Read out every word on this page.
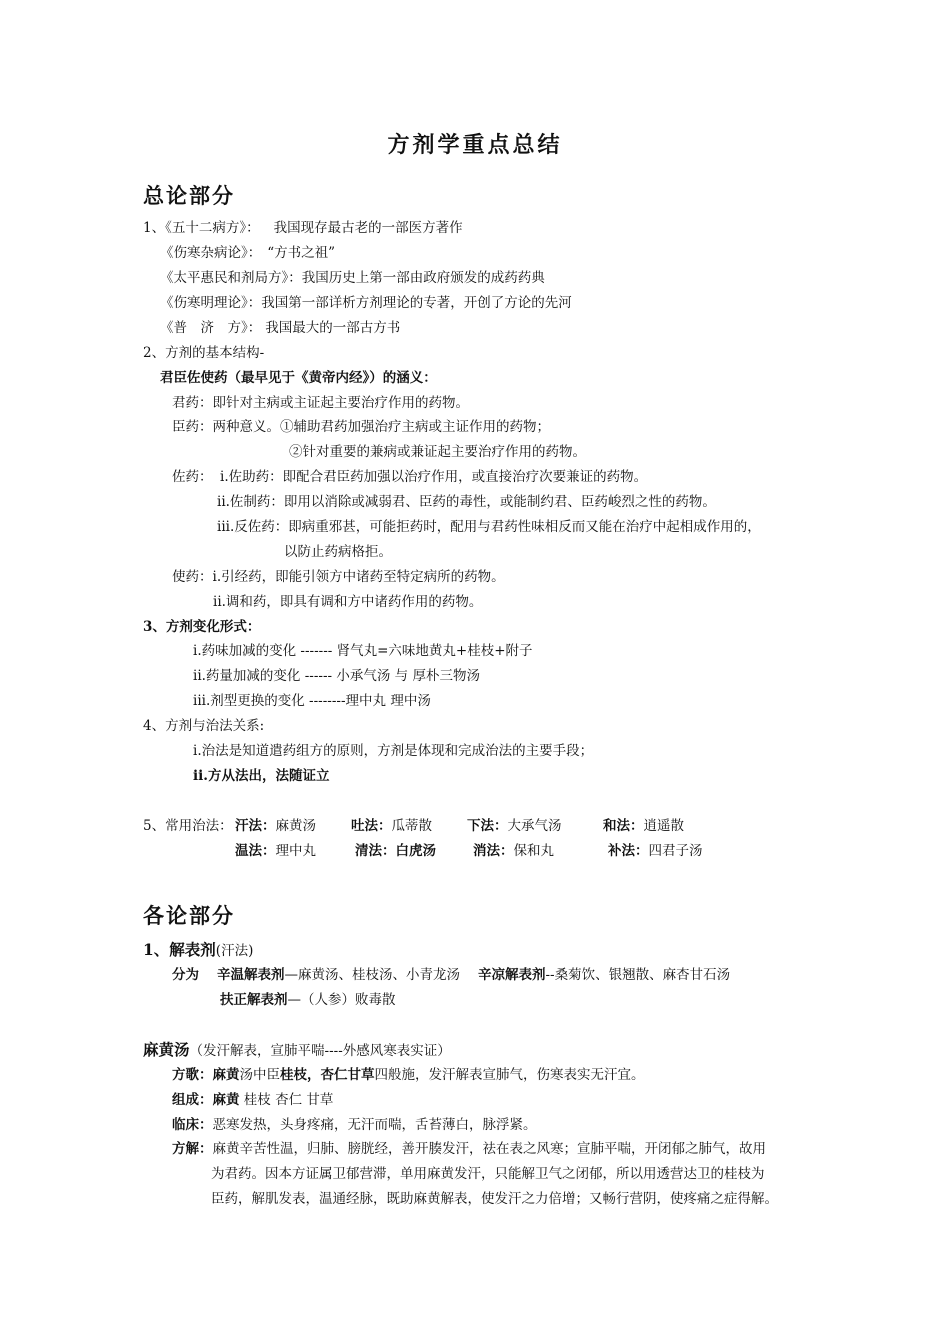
方剂学重点总结
总论部分
1、《五十二病方》： 我国现存最古老的一部医方著作
《伤寒杂病论》： “方书之祖”
《太平惠民和剂局方》：我国历史上第一部由政府颁发的成药药典
《伤寒明理论》：我国第一部详析方剂理论的专著，开创了方论的先河
《普　济　方》： 我国最大的一部古方书
2、方剂的基本结构-
君臣佐使药（最早见于《黄帝内经》）的涵义：
君药：即针对主病或主证起主要治疗作用的药物。
臣药：两种意义。①辅助君药加强治疗主病或主证作用的药物；
②针对重要的兼病或兼证起主要治疗作用的药物。
佐药： i.佐助药：即配合君臣药加强以治疗作用，或直接治疗次要兼证的药物。
ii.佐制药：即用以消除或减弱君、臣药的毒性，或能制约君、臣药峻烈之性的药物。
iii.反佐药：即病重邪甚，可能拒药时，配用与君药性味相反而又能在治疗中起相成作用的，
以防止药病格拒。
使药：i.引经药，即能引领方中诸药至特定病所的药物。
ii.调和药，即具有调和方中诸药作用的药物。
3、方剂变化形式：
i.药味加减的变化 ------- 肾气丸=六味地黄丸+桂枝+附子
ii.药量加减的变化 ------ 小承气汤 与 厚朴三物汤
iii.剂型更换的变化 --------理中丸 理中汤
4、方剂与治法关系:
i.治法是知道遣药组方的原则，方剂是体现和完成治法的主要手段；
ii.方从法出，法随证立
5、常用治法： 汗法：麻黄汤	吐法：瓜蒂散	下法：大承气汤	和法：逍遥散
温法：理中丸	清法：白虎汤	消法：保和丸	补法：四君子汤
各论部分
1、解表剂(汗法)
分为 辛温解表剂—麻黄汤、桂枝汤、小青龙汤 辛凉解表剂--桑菊饮、银翘散、麻杏甘石汤
扶正解表剂—（人参）败毒散
麻黄汤（发汗解表，宣肺平喘----外感风寒表实证）
方歌：麻黄汤中臣桂枝，杏仁甘草四般施，发汗解表宣肺气，伤寒表实无汗宜。
组成：麻黄 桂枝 杏仁 甘草
临床：恶寒发热，头身疼痛，无汗而喘，舌苔薄白，脉浮紧。
方解：麻黄辛苦性温，归肺、膀胱经，善开腠发汗，祛在表之风寒；宣肺平喘，开闭郁之肺气，故用
为君药。因本方证属卫郁营滞，单用麻黄发汗，只能解卫气之闭郁，所以用透营达卫的桂枝为
臣药，解肌发表，温通经脉，既助麻黄解表，使发汗之力倍增；又畅行营阴，使疼痛之症得解。
